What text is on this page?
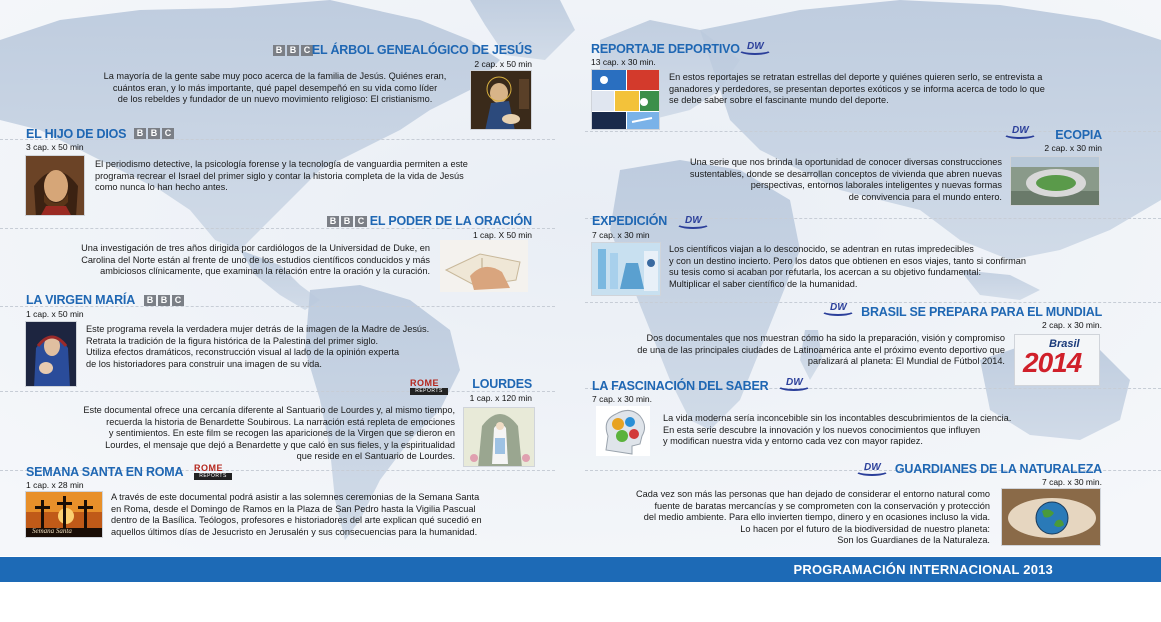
B B C EL ÁRBOL GENEALÓGICO DE JESÚS
2 cap. x 50 min
La mayoría de la gente sabe muy poco acerca de la familia de Jesús. Quiénes eran,
cuántos eran, y lo más importante, qué papel desempeñó en su vida como líder
de los rebeldes y fundador de un nuevo movimiento religioso: El cristianismo.
EL HIJO DE DIOS	B B C
3 cap. x 50 min
El periodismo detective, la psicología forense y la tecnología de vanguardia permiten a este
programa recrear el Israel del primer siglo y contar la historia completa de la vida de Jesús
como nunca lo han hecho antes.
B B C EL PODER DE LA ORACIÓN
1 cap. X 50 min
Una investigación de tres años dirigida por cardiólogos de la Universidad de Duke, en
Carolina del Norte están al frente de uno de los estudios científicos conducidos y más
ambiciosos clínicamente, que examinan la relación entre la oración y la curación.
LA VIRGEN MARÍA	B B C
1 cap. x 50 min
Este programa revela la verdadera mujer detrás de la imagen de la Madre de Jesús.
Retrata la tradición de la figura histórica de la Palestina del primer siglo.
Utiliza efectos dramáticos, reconstrucción visual al lado de la opinión experta
de los historiadores para construir una imagen de su vida.
ROME
REPORTS	LOURDES
1 cap. x 120 min
Este documental ofrece una cercanía diferente al Santuario de Lourdes y, al mismo tiempo,
recuerda la historia de Benardette Soubirous. La narración está repleta de emociones
y sentimientos. En este film se recogen las apariciones de la Virgen que se dieron en
Lourdes, el mensaje que dejó a Benardette y que caló en sus fieles, y la espiritualidad
que reside en el Santuario de Lourdes.
SEMANA SANTA EN ROMA ROME
REPORTS
1 cap. x 28 min
Semana Santa
A través de este documental podrá asistir a las solemnes ceremonias de la Semana Santa
en Roma, desde el Domingo de Ramos en la Plaza de San Pedro hasta la Vigilia Pascual
dentro de la Basílica. Teólogos, profesores e historiadores del arte explican qué sucedió en
aquellos últimos días de Jesucristo en Jerusalén y sus consecuencias para la humanidad.
REPORTAJE DEPORTIVO DW
13 cap. x 30 min.
En estos reportajes se retratan estrellas del deporte y quiénes quieren serlo, se entrevista a
ganadores y perdedores, se presentan deportes exóticos y se informa acerca de todo lo que
se debe saber sobre el fascinante mundo del deporte.
DW ECOPIA
2 cap. x 30 min
Una serie que nos brinda la oportunidad de conocer diversas construcciones
sustentables, donde se desarrollan conceptos de vivienda que abren nuevas
perspectivas, entornos laborales inteligentes y nuevas formas
de convivencia para el mundo entero.
EXPEDICIÓN DW
7 cap. x 30 min
Los científicos viajan a lo desconocido, se adentran en rutas impredecibles
y con un destino incierto. Pero los datos que obtienen en esos viajes, tanto si confirman
su tesis como si acaban por refutarla, los acercan a su objetivo fundamental:
Multiplicar el saber científico de la humanidad.
DW BRASIL SE PREPARA PARA EL MUNDIAL
2 cap. x 30 min.
Dos documentales que nos muestran cómo ha sido la preparación, visión y compromiso
de una de las principales ciudades de Latinoamérica ante el próximo evento deportivo que
paralizará al planeta: El Mundial de Fútbol 2014.
Brasil
2014
LA FASCINACIÓN DEL SABER DW
7 cap. x 30 min.
La vida moderna sería inconcebible sin los incontables descubrimientos de la ciencia.
En esta serie descubre la innovación y los nuevos conocimientos que influyen
y modifican nuestra vida y entorno cada vez con mayor rapidez.
DW GUARDIANES DE LA NATURALEZA
7 cap. x 30 min.
Cada vez son más las personas que han dejado de considerar el entorno natural como
fuente de baratas mercancías y se comprometen con la conservación y protección
del medio ambiente. Para ello invierten tiempo, dinero y en ocasiones incluso la vida.
Lo hacen por el futuro de la biodiversidad de nuestro planeta:
Son los Guardianes de la Naturaleza.
PROGRAMACIÓN INTERNACIONAL 2013
